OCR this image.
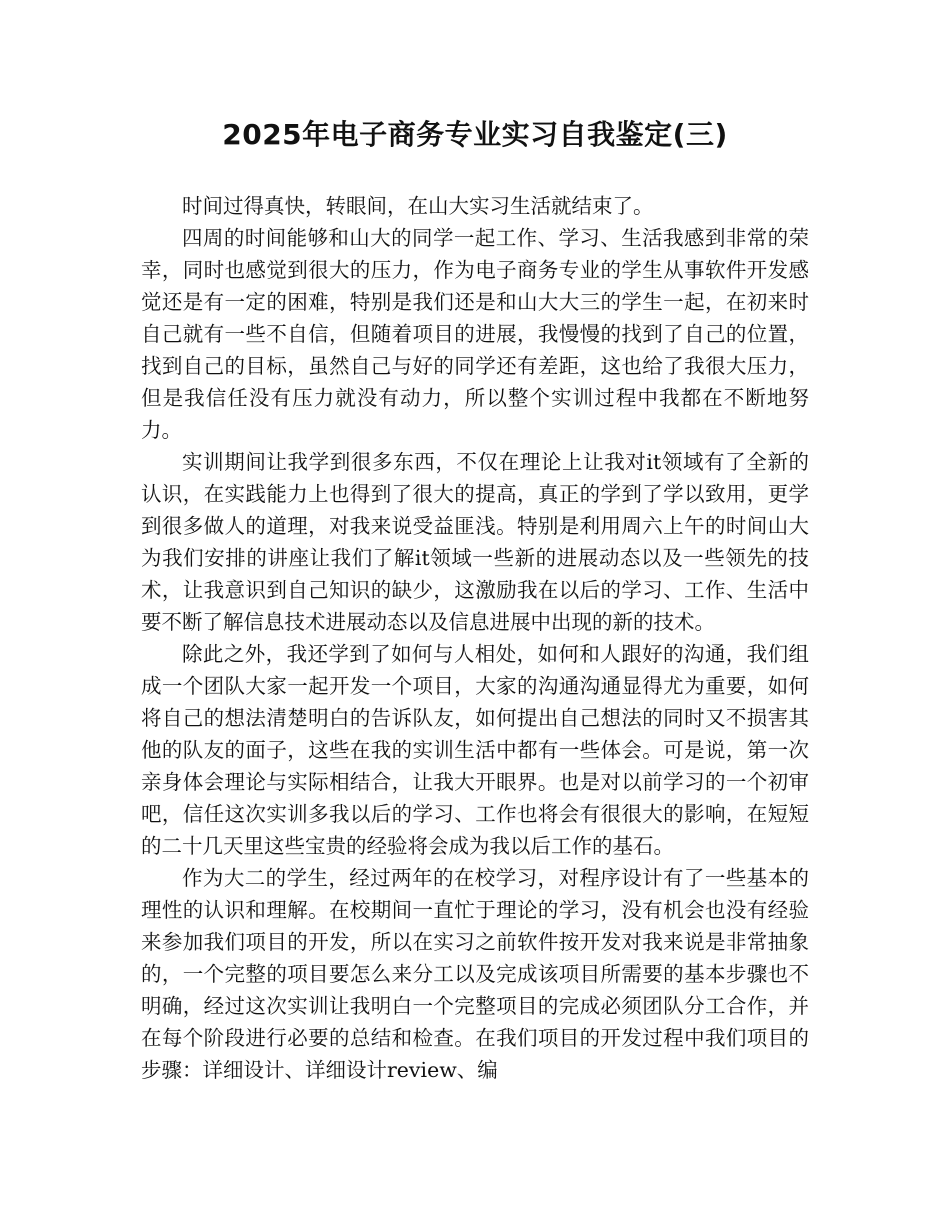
2025年电子商务专业实习自我鉴定(三)

时间过得真快，转眼间，在山大实习生活就结束了。

四周的时间能够和山大的同学一起工作、学习、生活我感到非常的荣幸，同时也感觉到很大的压力，作为电子商务专业的学生从事软件开发感觉还是有一定的困难，特别是我们还是和山大大三的学生一起，在初来时自己就有一些不自信，但随着项目的进展，我慢慢的找到了自己的位置，找到自己的目标，虽然自己与好的同学还有差距，这也给了我很大压力，但是我信任没有压力就没有动力，所以整个实训过程中我都在不断地努力。

实训期间让我学到很多东西，不仅在理论上让我对it领域有了全新的认识，在实践能力上也得到了很大的提高，真正的学到了学以致用，更学到很多做人的道理，对我来说受益匪浅。特别是利用周六上午的时间山大为我们安排的讲座让我们了解it领域一些新的进展动态以及一些领先的技术，让我意识到自己知识的缺少，这激励我在以后的学习、工作、生活中要不断了解信息技术进展动态以及信息进展中出现的新的技术。

除此之外，我还学到了如何与人相处，如何和人跟好的沟通，我们组成一个团队大家一起开发一个项目，大家的沟通沟通显得尤为重要，如何将自己的想法清楚明白的告诉队友，如何提出自己想法的同时又不损害其他的队友的面子，这些在我的实训生活中都有一些体会。可是说，第一次亲身体会理论与实际相结合，让我大开眼界。也是对以前学习的一个初审吧，信任这次实训多我以后的学习、工作也将会有很很大的影响，在短短的二十几天里这些宝贵的经验将会成为我以后工作的基石。

作为大二的学生，经过两年的在校学习，对程序设计有了一些基本的理性的认识和理解。在校期间一直忙于理论的学习，没有机会也没有经验来参加我们项目的开发，所以在实习之前软件按开发对我来说是非常抽象的，一个完整的项目要怎么来分工以及完成该项目所需要的基本步骤也不明确，经过这次实训让我明白一个完整项目的完成必须团队分工合作，并在每个阶段进行必要的总结和检查。在我们项目的开发过程中我们项目的步骤：详细设计、详细设计review、编
